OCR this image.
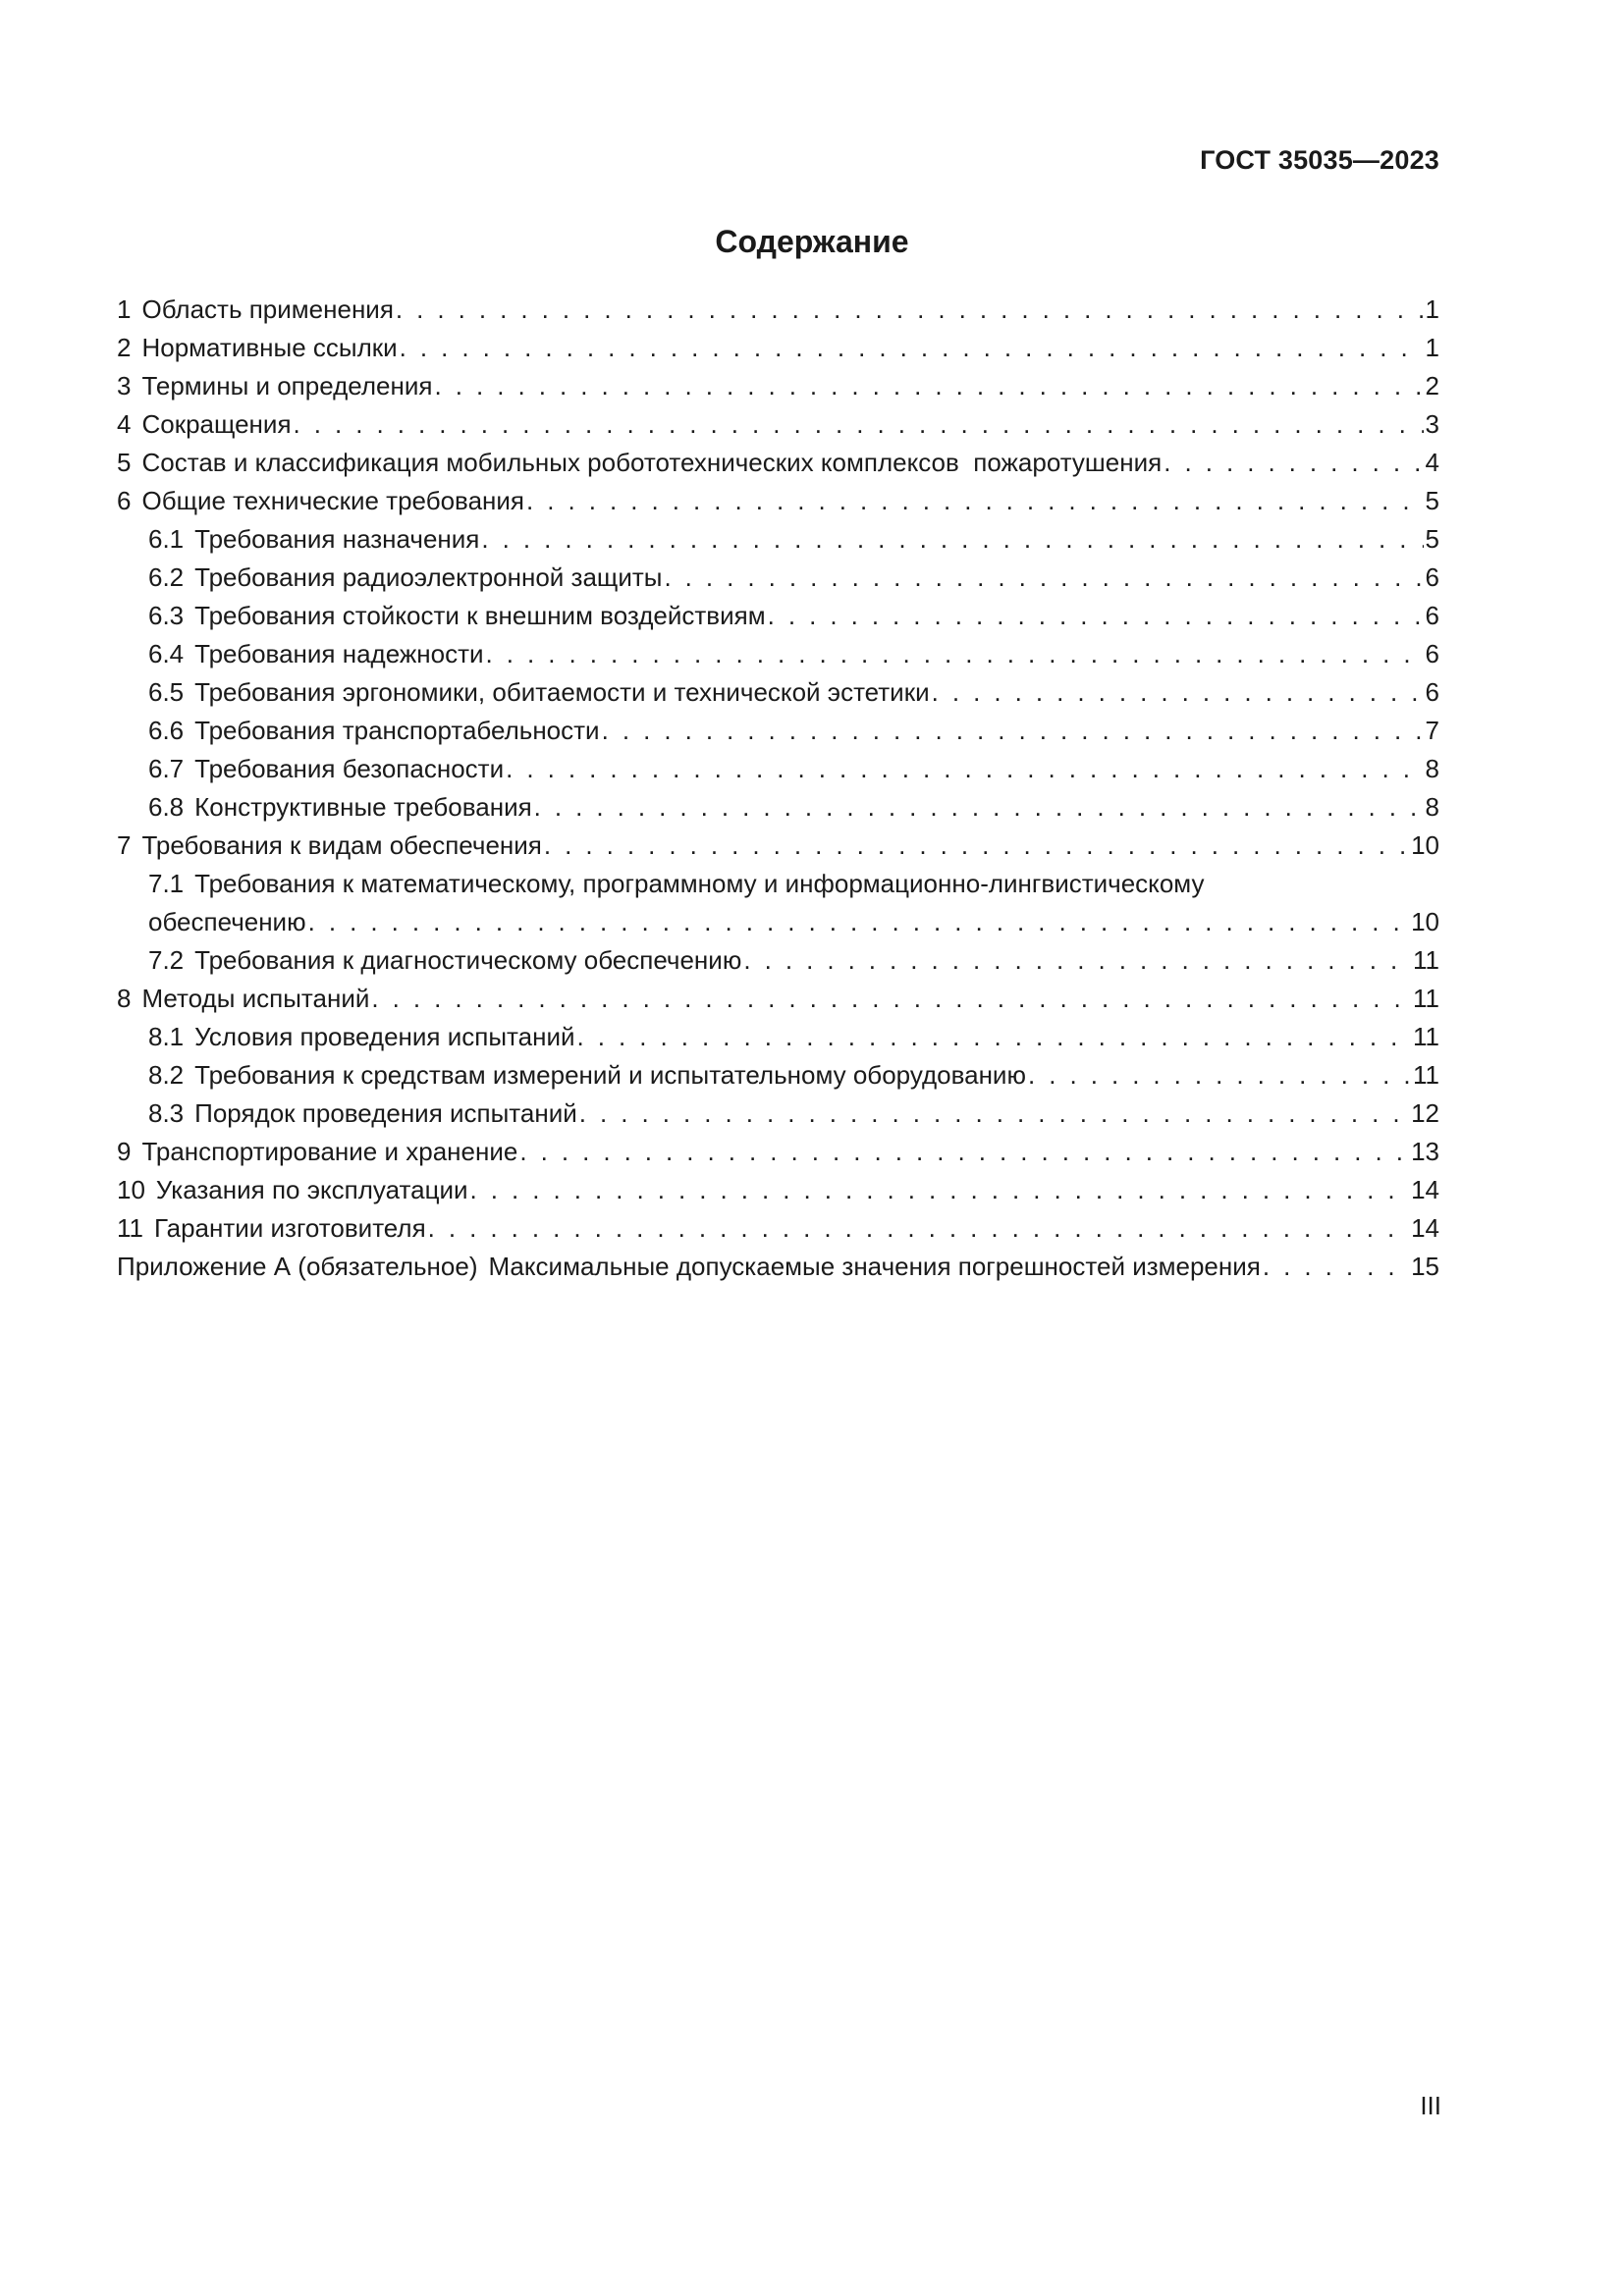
ГОСТ 35035—2023
Содержание
1 Область применения . . .	1
2 Нормативные ссылки . . .	1
3 Термины и определения . . .	2
4 Сокращения . . .	3
5 Состав и классификация мобильных робототехнических комплексов  пожаротушения . . .	4
6 Общие технические требования . . .	5
6.1 Требования назначения . . .	5
6.2 Требования радиоэлектронной защиты . . .	6
6.3 Требования стойкости к внешним воздействиям . . .	6
6.4 Требования надежности . . .	6
6.5 Требования эргономики, обитаемости и технической эстетики . . .	6
6.6 Требования транспортабельности . . .	7
6.7 Требования безопасности . . .	8
6.8 Конструктивные требования . . .	8
7 Требования к видам обеспечения . . .	10
7.1 Требования к математическому, программному и информационно-лингвистическому
обеспечению . . .	10
7.2 Требования к диагностическому обеспечению . . .	11
8 Методы испытаний . . .	11
8.1 Условия проведения испытаний . . .	11
8.2 Требования к средствам измерений и испытательному оборудованию . . .	11
8.3 Порядок проведения испытаний . . .	12
9 Транспортирование и хранение . . .	13
10 Указания по эксплуатации . . .	14
11 Гарантии изготовителя . . .	14
Приложение А (обязательное) Максимальные допускаемые значения погрешностей измерения . . .	15
III
